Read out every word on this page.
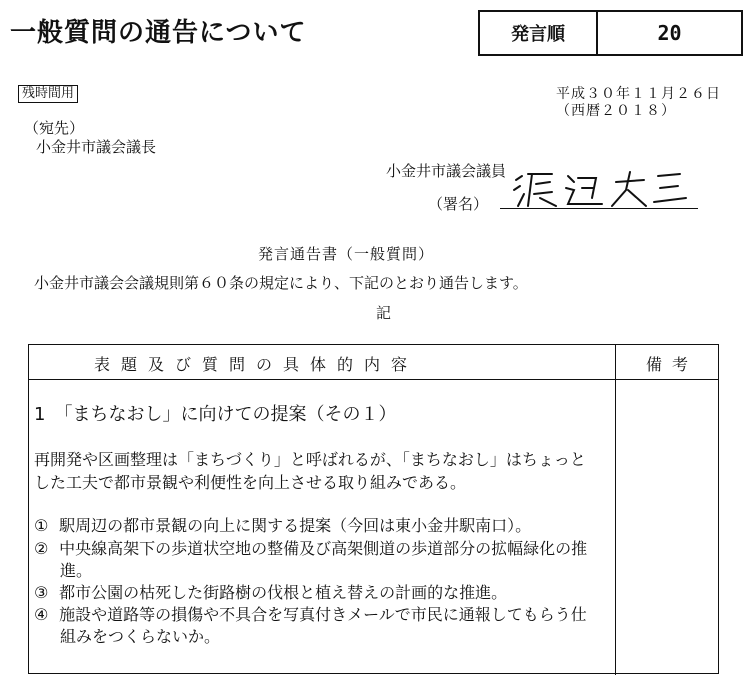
一般質問の通告について	発言順	20
残時間用	平成３０年１１月２６日
（西暦２０１８）
（宛先）
小金井市議会議長
小金井市議会議員
（署名）
発言通告書（一般質問）
小金井市議会会議規則第６０条の規定により、下記のとおり通告します。
記
表題及び質問の具体的内容	備考
1　「まちなおし」に向けての提案（その１）
再開発や区画整理は「まちづくり」と呼ばれるが、「まちなおし」はちょっと
した工夫で都市景観や利便性を向上させる取り組みである。
① 駅周辺の都市景観の向上に関する提案（今回は東小金井駅南口）。
② 中央線高架下の歩道状空地の整備及び高架側道の歩道部分の拡幅緑化の推
進。
③ 都市公園の枯死した街路樹の伐根と植え替えの計画的な推進。
④ 施設や道路等の損傷や不具合を写真付きメールで市民に通報してもらう仕
組みをつくらないか。
